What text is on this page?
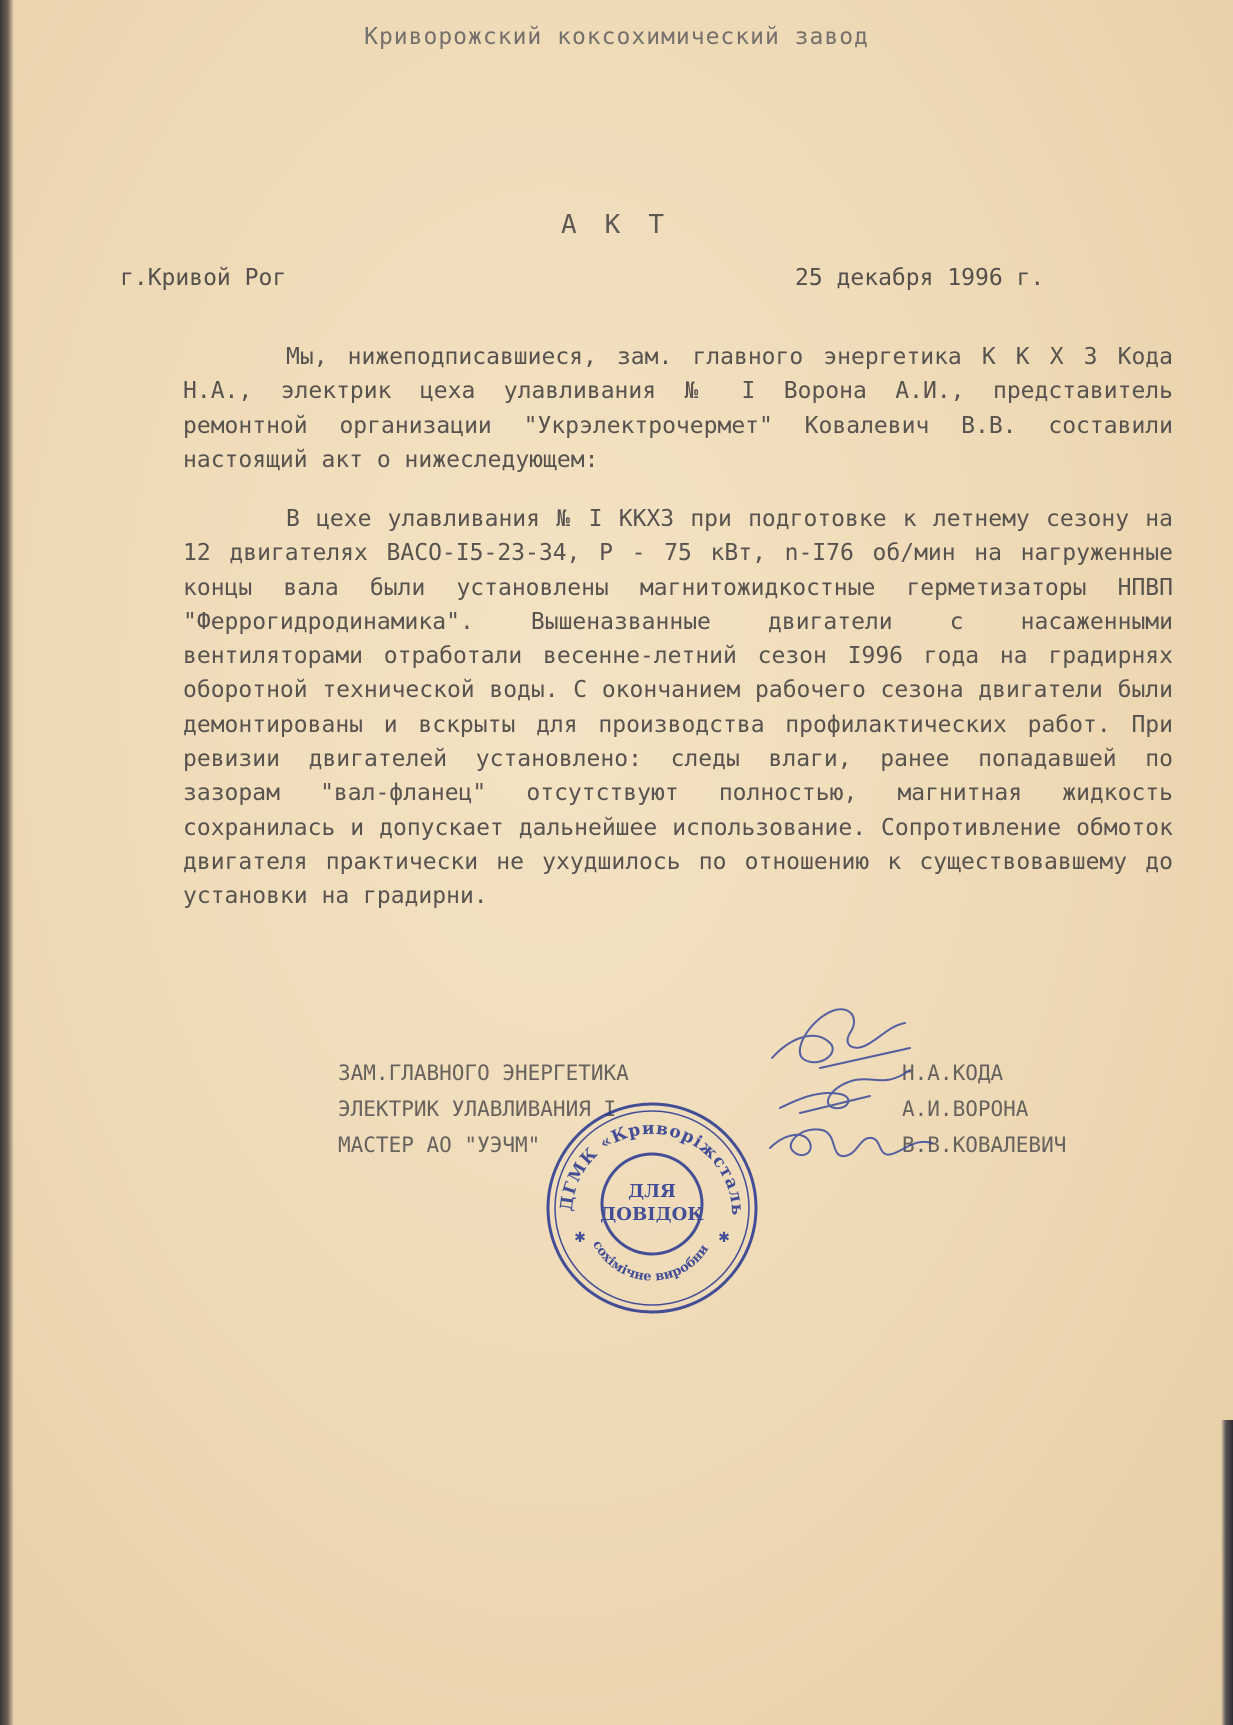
Криворожский коксохимический завод
АКТ
г.Кривой Рог	25 декабря 1996 г.

Мы, нижеподписавшиеся, зам. главного энергетика К К Х З Кода Н.А., электрик цеха улавливания № I Ворона А.И., представитель ремонтной организации "Укрэлектрочермет" Ковалевич В.В. составили настоящий акт о нижеследующем:

В цехе улавливания № I ККХЗ при подготовке к летнему сезону на 12 двигателях ВАСО-I5-23-34, Р - 75 кВт, n-I76 об/мин на нагруженные концы вала были установлены магнитожидкостные герметизаторы НПВП "Феррогидродинамика". Вышеназванные двигатели с насаженными вентиляторами отработали весенне-летний сезон I996 года на градирнях оборотной технической воды. С окончанием рабочего сезона двигатели были демонтированы и вскрыты для производства профилактических работ. При ревизии двигателей установлено: следы влаги, ранее попадавшей по зазорам "вал-фланец" отсутствуют полностью, магнитная жидкость сохранилась и допускает дальнейшее использование. Сопротивление обмоток двигателя практически не ухудшилось по отношению к существовавшему до установки на градирни.

ЗАМ.ГЛАВНОГО ЭНЕРГЕТИКА
ЭЛЕКТРИК УЛАВЛИВАНИЯ I
МАСТЕР АО "УЭЧМ"
Н.А.КОДА
А.И.ВОРОНА
В.В.КОВАЛЕВИЧ
ДГМК «Криворіжсталь
сохімічне виробни
ДЛЯ
ДОВІДОК
✱	✱
